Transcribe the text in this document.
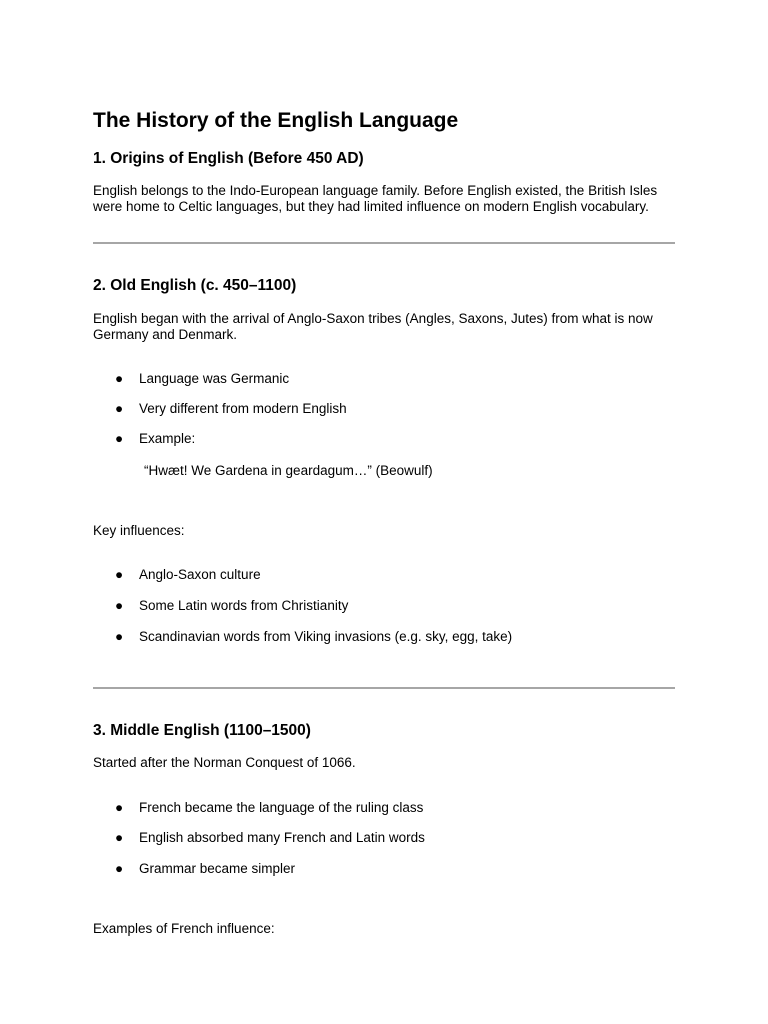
The History of the English Language
1. Origins of English (Before 450 AD)

English belongs to the Indo-European language family. Before English existed, the British Isles were home to Celtic languages, but they had limited influence on modern English vocabulary.

2. Old English (c. 450–1100)

English began with the arrival of Anglo-Saxon tribes (Angles, Saxons, Jutes) from what is now Germany and Denmark.

● Language was Germanic
● Very different from modern English
● Example:

“Hwæt! We Gardena in geardagum…” (Beowulf)

Key influences:

● Anglo-Saxon culture
● Some Latin words from Christianity
● Scandinavian words from Viking invasions (e.g. sky, egg, take)
3. Middle English (1100–1500)

Started after the Norman Conquest of 1066.

● French became the language of the ruling class
● English absorbed many French and Latin words
● Grammar became simpler

Examples of French influence:
